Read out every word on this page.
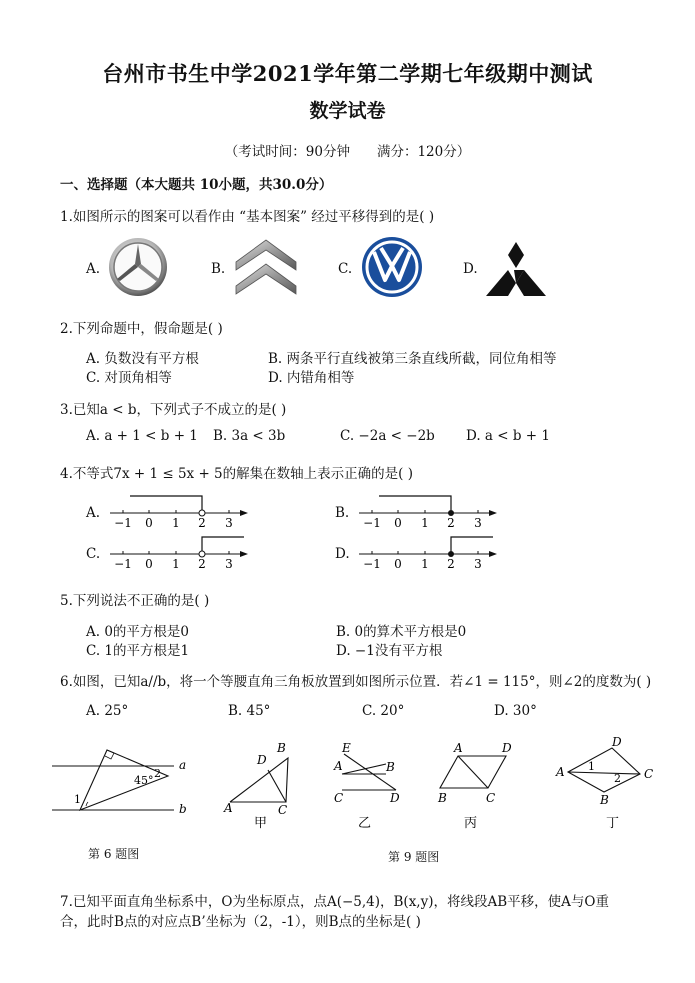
台州市书生中学2021学年第二学期七年级期中测试
数学试卷
（考试时间：90分钟　　满分：120分）
一、选择题（本大题共 10小题，共30.0分）
1.如图所示的图案可以看作由 “基本图案” 经过平移得到的是( )
A.	B.	C.	D.
2.下列命题中，假命题是( )
A. 负数没有平方根	B. 两条平行直线被第三条直线所截，同位角相等
C. 对顶角相等	D. 内错角相等
3.已知a < b，下列式子不成立的是( )
A. a + 1 < b + 1 B. 3a < 3b	C. −2a < −2b D. a < b + 1
4.不等式7x + 1 ≤ 5x + 5的解集在数轴上表示正确的是( )
A.	B.
C.	D.
−1 0 1 2 3	−1 0 1 2 3
−1 0 1 2 3	−1 0 1 2 3
5.下列说法不正确的是( )
A. 0的平方根是0	B. 0的算术平方根是0
C. 1的平方根是1	D. −1没有平方根
6.如图，已知a//b，将一个等腰直角三角板放置到如图所示位置．若∠1 = 115°，则∠2的度数为( )
A. 25°	B. 45°	C. 20°	D. 30°
a
b
45°
2
1
B
D
A	C
甲
E
A	B
C	D
乙
A	D
B	C
丙
D
A	C
B
1
2
丁
第 6 题图	第 9 题图
7.已知平面直角坐标系中，O为坐标原点，点A(−5,4)，B(x,y)，将线段AB平移，使A与O重
合，此时B点的对应点B’坐标为（2，-1），则B点的坐标是( )
